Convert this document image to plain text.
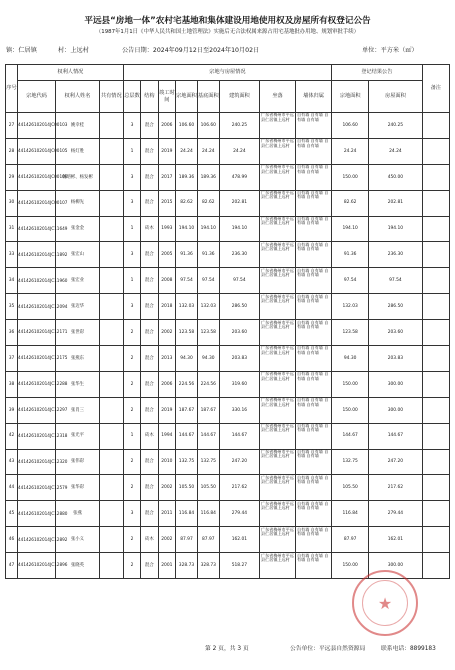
平远县“房地一体”农村宅基地和集体建设用地使用权及房屋所有权登记公告
（1987年1月1日《中华人民共和国土地管理法》实施后无合法权属来源占用宅基地批办用地、规划审批手续）
镇：仁居镇	村：上远村	公告日期：2024年09月12日至2024年10月02日	单位：平方米（㎡）
序号	权利人情况			宗地与房屋情况								登记结果公告		备注
	宗地代码	权利人姓名	共有情况	总层数	结构	竣工时间	宗地面积	基底面积	建筑面积	坐落	墙体归属	宗地面积	房屋面积	
27	441426102014JC00103	姚幸桂		3	混合	2006	106.60	106.60	240.25	广东省梅州市平远县仁居镇上远村	自有墙 自有墙 自有墙 自有墙	106.60	240.25	
28	441426102014JC00105	杨灯胜		1	混合	2019	24.24	24.24	24.24	广东省梅州市平远县仁居镇上远村	自有墙 自有墙 自有墙 自有墙	24.24	24.24	
29	441426102014JC00106	杨熔彬、杨发彬		3	混合	2017	189.36	189.36	478.99	广东省梅州市平远县仁居镇上远村	自有墙 自有墙 自有墙 自有墙	150.00	450.00	
30	441426102014JC00107	杨柳先		3	混合	2015	82.62	82.62	202.81	广东省梅州市平远县仁居镇上远村	自有墙 自有墙 自有墙 自有墙	82.62	202.81	
31	441426102014JC11649	张金金		1	砖木	1993	194.10	194.10	194.10	广东省梅州市平远县仁居镇上远村	自有墙 自有墙 自有墙 自有墙	194.10	194.10	
33	441426102014JC11892	张宏山		3	混合	2005	91.36	91.36	236.30	广东省梅州市平远县仁居镇上远村	自有墙 自有墙 自有墙 自有墙	91.36	236.30	
34	441426102014JC11960	张宏业		1	混合	2008	97.54	97.54	97.54	广东省梅州市平远县仁居镇上远村	自有墙 自有墙 自有墙 自有墙	97.54	97.54	
35	441426102014JC12094	张迈华		3	混合	2018	132.03	132.03	286.50	广东省梅州市平远县仁居镇上远村	自有墙 自有墙 自有墙 自有墙	132.03	286.50	
36	441426102014JC12171	张世彩		2	混合	2002	123.58	123.58	203.60	广东省梅州市平远县仁居镇上远村	自有墙 自有墙 自有墙 自有墙	123.58	203.60	
37	441426102014JC12175	张燕东		2	混合	2013	94.30	94.30	203.83	广东省梅州市平远县仁居镇上远村	自有墙 自有墙 自有墙 自有墙	94.30	203.83	
38	441426102014JC12288	张华生		2	混合	2006	224.56	224.56	319.60	广东省梅州市平远县仁居镇上远村	自有墙 自有墙 自有墙 自有墙	150.00	300.00	
39	441426102014JC12297	张肖三		2	混合	2019	187.67	187.67	330.16	广东省梅州市平远县仁居镇上远村	自有墙 自有墙 自有墙 自有墙	150.00	300.00	
42	441426102014JC12318	张光平		1	砖木	1994	144.67	144.67	144.67	广东省梅州市平远县仁居镇上远村	自有墙 自有墙 自有墙 自有墙	144.67	144.67	
43	441426102014JC12320	张伟彩		2	混合	2010	132.75	132.75	247.20	广东省梅州市平远县仁居镇上远村	自有墙 自有墙 自有墙 自有墙	132.75	247.20	
44	441426102014JC12579	张华彩		2	混合	2002	105.50	105.50	217.62	广东省梅州市平远县仁居镇上远村	自有墙 自有墙 自有墙 自有墙	105.50	217.62	
45	441426102014JC12880	张燕		3	混合	2011	116.84	116.84	279.44	广东省梅州市平远县仁居镇上远村	自有墙 自有墙 自有墙 自有墙	116.84	279.44	
46	441426102014JC12892	张小义		2	砖木	2002	87.97	87.97	162.01	广东省梅州市平远县仁居镇上远村	自有墙 自有墙 自有墙 自有墙	87.97	162.01	
47	441426102014JC12896	张晓英		2	混合	2001	328.73	328.73	518.27	广东省梅州市平远县仁居镇上远村	自有墙 自有墙 自有墙 自有墙	150.00	300.00	
★
第 2 页，共 3 页	公告单位：平远县自然资源局	联系电话：8899183
